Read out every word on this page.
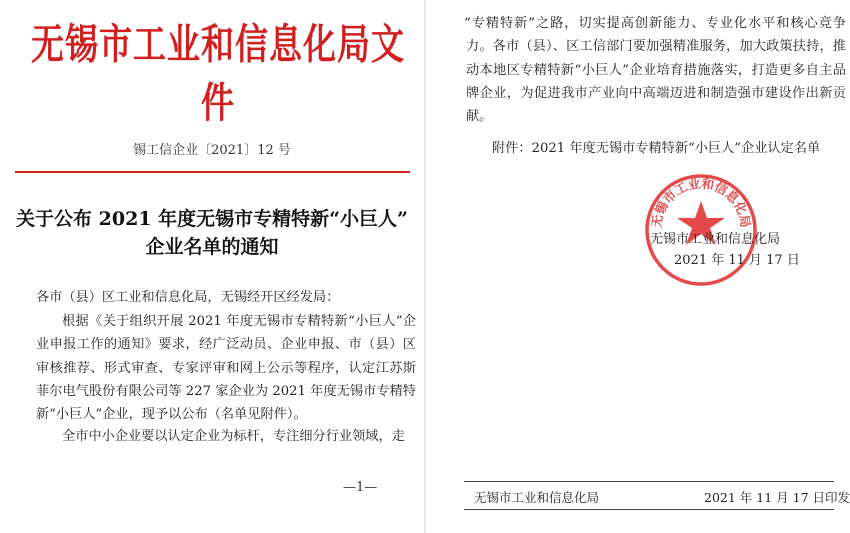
无锡市工业和信息化局文件
锡工信企业〔2021〕12 号
关于公布 2021 年度无锡市专精特新“小巨人”
企业名单的通知
各市（县）区工业和信息化局，无锡经开区经发局：
根据《关于组织开展 2021 年度无锡市专精特新“小巨人”企业申报工作的通知》要求，经广泛动员、企业申报、市（县）区审核推荐、形式审查、专家评审和网上公示等程序，认定江苏斯菲尔电气股份有限公司等 227 家企业为 2021 年度无锡市专精特新“小巨人”企业，现予以公布（名单见附件）。
全市中小企业要以认定企业为标杆，专注细分行业领域，走
—1—
“专精特新”之路，切实提高创新能力、专业化水平和核心竞争力。各市（县）、区工信部门要加强精准服务，加大政策扶持，推动本地区专精特新“小巨人”企业培育措施落实，打造更多自主品牌企业，为促进我市产业向中高端迈进和制造强市建设作出新贡献。
附件：2021 年度无锡市专精特新“小巨人”企业认定名单
无锡市工业和信息化局
无锡市工业和信息化局
2021 年 11 月 17 日
无锡市工业和信息化局	2021 年 11 月 17 日印发
